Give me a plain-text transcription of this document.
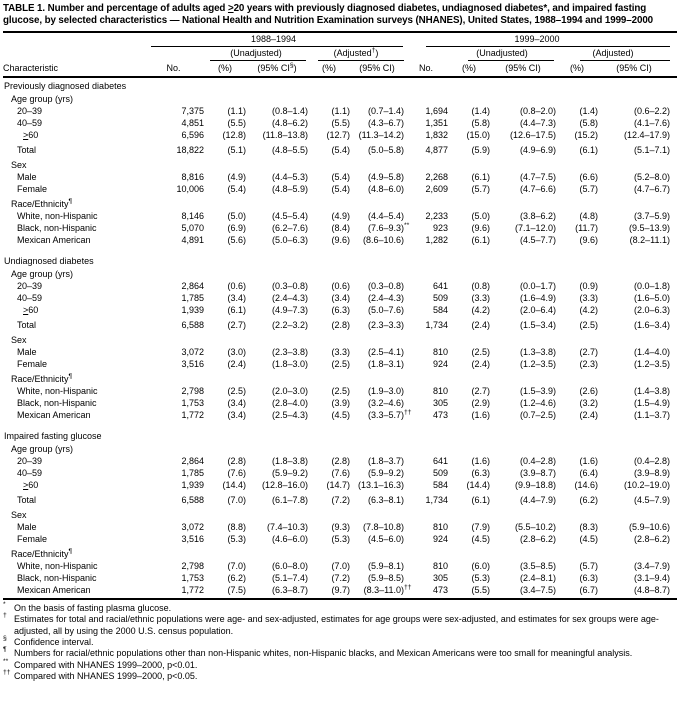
TABLE 1. Number and percentage of adults aged ≥20 years with previously diagnosed diabetes, undiagnosed diabetes*, and impaired fasting glucose, by selected characteristics — National Health and Nutrition Examination surveys (NHANES), United States, 1988–1994 and 1999–2000
1988–1994	1999–2000
(Unadjusted)	(Adjusted†)	(Unadjusted)	(Adjusted)
Characteristic	No.	(%)	(95% CI§)	(%)	(95% CI)	No.	(%)	(95% CI)	(%)	(95% CI)
Previously diagnosed diabetes
Age group (yrs)
20–39	7,375	(1.1)	(0.8–1.4)	(1.1)	(0.7–1.4)	1,694	(1.4)	(0.8–2.0)	(1.4)	(0.6–2.2)
40–59	4,851	(5.5)	(4.8–6.2)	(5.5)	(4.3–6.7)	1,351	(5.8)	(4.4–7.3)	(5.8)	(4.1–7.6)
>60	6,596	(12.8)	(11.8–13.8)	(12.7) (11.3–14.2)	1,832	(15.0)	(12.6–17.5)	(15.2)	(12.4–17.9)
Total	18,822	(5.1)	(4.8–5.5)	(5.4)	(5.0–5.8)	4,877	(5.9)	(4.9–6.9)	(6.1)	(5.1–7.1)
Sex
Male	8,816	(4.9)	(4.4–5.3)	(5.4)	(4.9–5.8)	2,268	(6.1)	(4.7–7.5)	(6.6)	(5.2–8.0)
Female	10,006	(5.4)	(4.8–5.9)	(5.4)	(4.8–6.0)	2,609	(5.7)	(4.7–6.6)	(5.7)	(4.7–6.7)
Race/Ethnicity¶
White, non-Hispanic	8,146	(5.0)	(4.5–5.4)	(4.9)	(4.4–5.4)	2,233	(5.0)	(3.8–6.2)	(4.8)	(3.7–5.9)
Black, non-Hispanic	5,070	(6.9)	(6.2–7.6)	(8.4)	(7.6–9.3)**	923	(9.6)	(7.1–12.0)	(11.7)	(9.5–13.9)
Mexican American	4,891	(5.6)	(5.0–6.3)	(9.6)	(8.6–10.6)	1,282	(6.1)	(4.5–7.7)	(9.6)	(8.2–11.1)
Undiagnosed diabetes
Age group (yrs)
20–39	2,864	(0.6)	(0.3–0.8)	(0.6)	(0.3–0.8)	641	(0.8)	(0.0–1.7)	(0.9)	(0.0–1.8)
40–59	1,785	(3.4)	(2.4–4.3)	(3.4)	(2.4–4.3)	509	(3.3)	(1.6–4.9)	(3.3)	(1.6–5.0)
>60	1,939	(6.1)	(4.9–7.3)	(6.3)	(5.0–7.6)	584	(4.2)	(2.0–6.4)	(4.2)	(2.0–6.3)
Total	6,588	(2.7)	(2.2–3.2)	(2.8)	(2.3–3.3)	1,734	(2.4)	(1.5–3.4)	(2.5)	(1.6–3.4)
Sex
Male	3,072	(3.0)	(2.3–3.8)	(3.3)	(2.5–4.1)	810	(2.5)	(1.3–3.8)	(2.7)	(1.4–4.0)
Female	3,516	(2.4)	(1.8–3.0)	(2.5)	(1.8–3.1)	924	(2.4)	(1.2–3.5)	(2.3)	(1.2–3.5)
Race/Ethnicity¶
White, non-Hispanic	2,798	(2.5)	(2.0–3.0)	(2.5)	(1.9–3.0)	810	(2.7)	(1.5–3.9)	(2.6)	(1.4–3.8)
Black, non-Hispanic	1,753	(3.4)	(2.8–4.0)	(3.9)	(3.2–4.6)	305	(2.9)	(1.2–4.6)	(3.2)	(1.5–4.9)
Mexican American	1,772	(3.4)	(2.5–4.3)	(4.5)	(3.3–5.7)††	473	(1.6)	(0.7–2.5)	(2.4)	(1.1–3.7)
Impaired fasting glucose
Age group (yrs)
20–39	2,864	(2.8)	(1.8–3.8)	(2.8)	(1.8–3.7)	641	(1.6)	(0.4–2.8)	(1.6)	(0.4–2.8)
40–59	1,785	(7.6)	(5.9–9.2)	(7.6)	(5.9–9.2)	509	(6.3)	(3.9–8.7)	(6.4)	(3.9–8.9)
>60	1,939	(14.4)	(12.8–16.0)	(14.7) (13.1–16.3)	584	(14.4)	(9.9–18.8)	(14.6)	(10.2–19.0)
Total	6,588	(7.0)	(6.1–7.8)	(7.2)	(6.3–8.1)	1,734	(6.1)	(4.4–7.9)	(6.2)	(4.5–7.9)
Sex
Male	3,072	(8.8)	(7.4–10.3)	(9.3)	(7.8–10.8)	810	(7.9)	(5.5–10.2)	(8.3)	(5.9–10.6)
Female	3,516	(5.3)	(4.6–6.0)	(5.3)	(4.5–6.0)	924	(4.5)	(2.8–6.2)	(4.5)	(2.8–6.2)
Race/Ethnicity¶
White, non-Hispanic	2,798	(7.0)	(6.0–8.0)	(7.0)	(5.9–8.1)	810	(6.0)	(3.5–8.5)	(5.7)	(3.4–7.9)
Black, non-Hispanic	1,753	(6.2)	(5.1–7.4)	(7.2)	(5.9–8.5)	305	(5.3)	(2.4–8.1)	(6.3)	(3.1–9.4)
Mexican American	1,772	(7.5)	(6.3–8.7)	(9.7)	(8.3–11.0)††	473	(5.5)	(3.4–7.5)	(6.7)	(4.8–8.7)
* On the basis of fasting plasma glucose.
† Estimates for total and racial/ethnic populations were age- and sex-adjusted, estimates for age groups were sex-adjusted, and estimates for sex groups were age-adjusted, all by using the 2000 U.S. census population.
§ Confidence interval.
¶ Numbers for racial/ethnic populations other than non-Hispanic whites, non-Hispanic blacks, and Mexican Americans were too small for meaningful analysis.
** Compared with NHANES 1999–2000, p<0.01.
†† Compared with NHANES 1999–2000, p<0.05.
